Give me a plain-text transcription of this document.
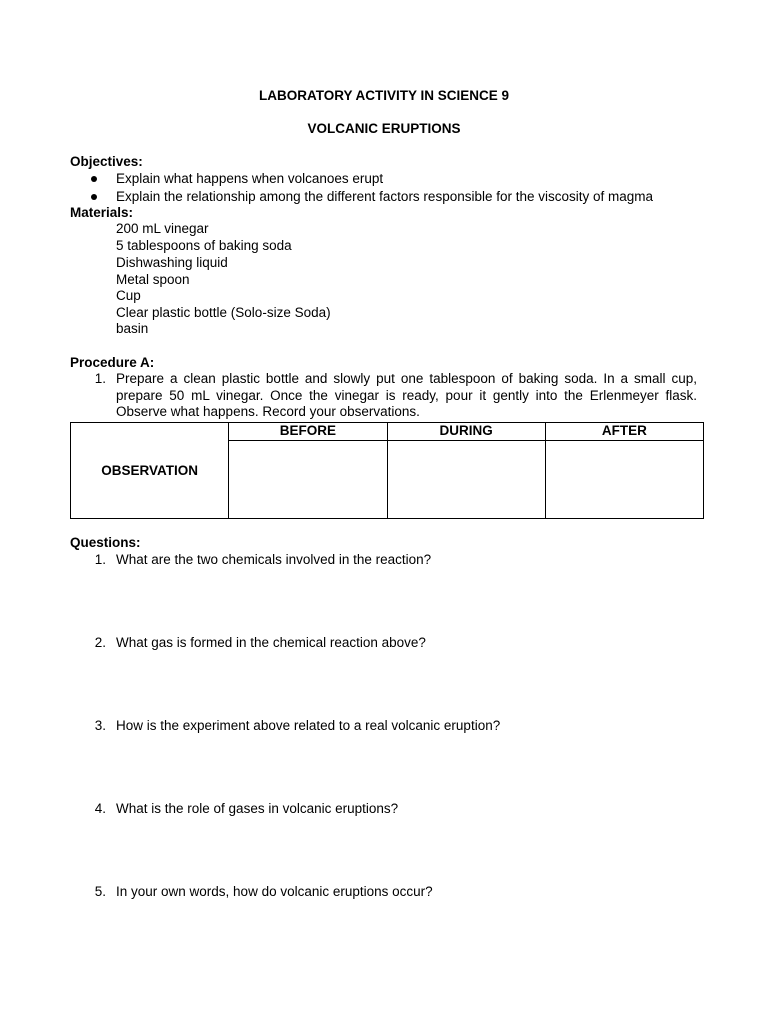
LABORATORY ACTIVITY IN SCIENCE 9
VOLCANIC ERUPTIONS
Objectives:
Explain what happens when volcanoes erupt
Explain the relationship among the different factors responsible for the viscosity of magma
Materials:
200 mL vinegar
5 tablespoons of baking soda
Dishwashing liquid
Metal spoon
Cup
Clear plastic bottle (Solo-size Soda)
basin
Procedure A:
1. Prepare a clean plastic bottle and slowly put one tablespoon of baking soda. In a small cup, prepare 50 mL vinegar. Once the vinegar is ready, pour it gently into the Erlenmeyer flask. Observe what happens. Record your observations.
OBSERVATION	BEFORE	DURING	AFTER

Questions:
1. What are the two chemicals involved in the reaction?
2. What gas is formed in the chemical reaction above?
3. How is the experiment above related to a real volcanic eruption?
4. What is the role of gases in volcanic eruptions?
5. In your own words, how do volcanic eruptions occur?
